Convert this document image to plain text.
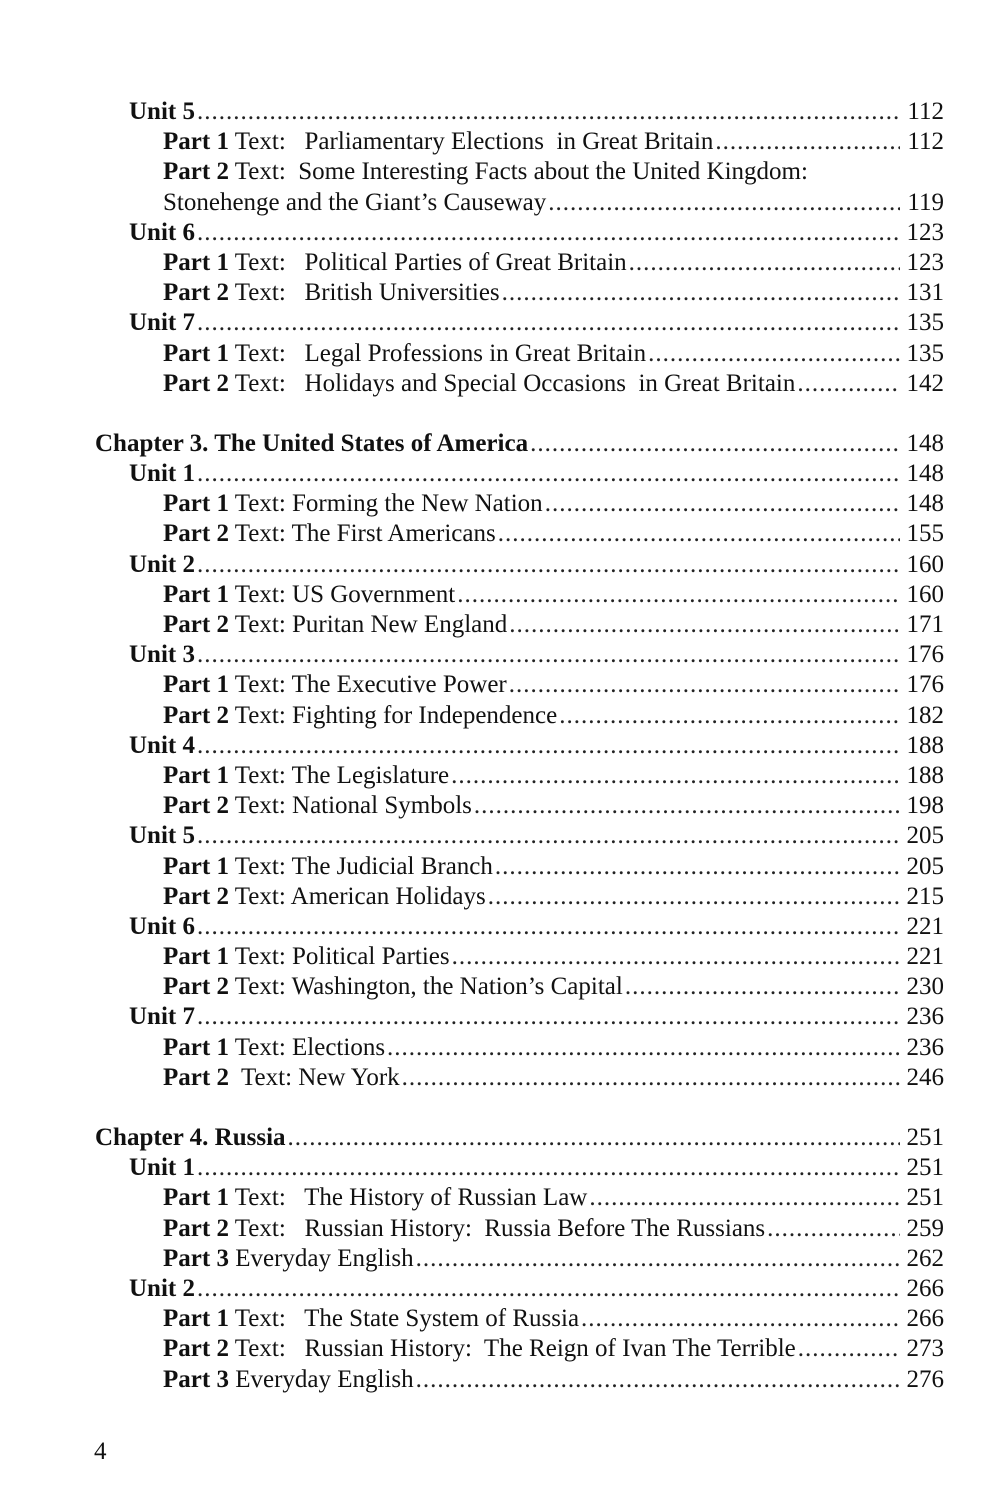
Unit 5 .....	112
Part 1 Text:   Parliamentary Elections  in Great Britain .....	112
Part 2 Text:  Some Interesting Facts about the United Kingdom:
Stonehenge and the Giant’s Causeway .....	119
Unit 6 .....	123
Part 1 Text:   Political Parties of Great Britain .....	123
Part 2 Text:   British Universities .....	131
Unit 7 .....	135
Part 1 Text:   Legal Professions in Great Britain .....	135
Part 2 Text:   Holidays and Special Occasions  in Great Britain .....	142
Chapter 3. The United States of America .....	148
Unit 1 .....	148
Part 1 Text: Forming the New Nation .....	148
Part 2 Text: The First Americans .....	155
Unit 2 .....	160
Part 1 Text: US Government .....	160
Part 2 Text: Puritan New England .....	171
Unit 3 .....	176
Part 1 Text: The Executive Power .....	176
Part 2 Text: Fighting for Independence .....	182
Unit 4 .....	188
Part 1 Text: The Legislature .....	188
Part 2 Text: National Symbols .....	198
Unit 5 .....	205
Part 1 Text: The Judicial Branch .....	205
Part 2 Text: American Holidays .....	215
Unit 6 .....	221
Part 1 Text: Political Parties .....	221
Part 2 Text: Washington, the Nation’s Capital .....	230
Unit 7 .....	236
Part 1 Text: Elections .....	236
Part 2  Text: New York .....	246
Chapter 4. Russia .....	251
Unit 1 .....	251
Part 1 Text:   The History of Russian Law .....	251
Part 2 Text:   Russian History:  Russia Before The Russians .....	259
Part 3 Everyday English .....	262
Unit 2 .....	266
Part 1 Text:   The State System of Russia .....	266
Part 2 Text:   Russian History:  The Reign of Ivan The Terrible .....	273
Part 3 Everyday English .....	276
4
